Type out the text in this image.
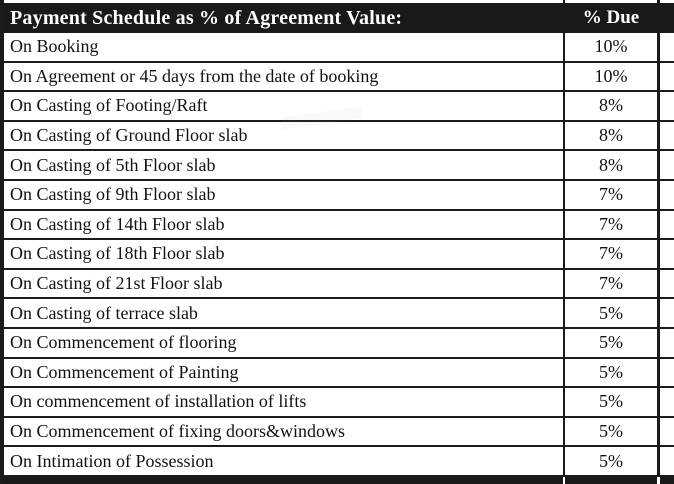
Payment Schedule as % of Agreement Value:	% Due
On Booking	10%
On Agreement or 45 days from the date of booking	10%
On Casting of Footing/Raft	8%
On Casting of Ground Floor slab	8%
On Casting of 5th Floor slab	8%
On Casting of 9th Floor slab	7%
On Casting of 14th Floor slab	7%
On Casting of 18th Floor slab	7%
On Casting of 21st Floor slab	7%
On Casting of terrace slab	5%
On Commencement of flooring	5%
On Commencement of Painting	5%
On commencement of installation of lifts	5%
On Commencement of fixing doors&windows	5%
On Intimation of Possession	5%
